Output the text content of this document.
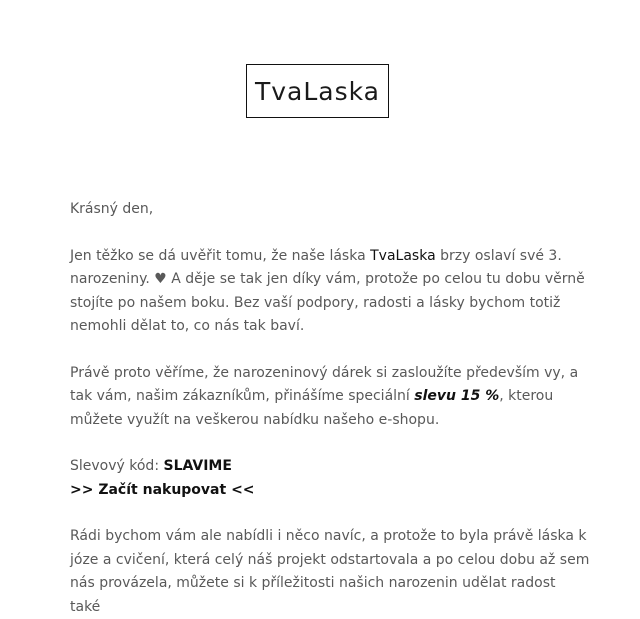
TvaLaska

Krásný den,

Jen těžko se dá uvěřit tomu, že naše láska TvaLaska brzy oslaví své 3. narozeniny. ♥ A děje se tak jen díky vám, protože po celou tu dobu věrně stojíte po našem boku. Bez vaší podpory, radosti a lásky bychom totiž nemohli dělat to, co nás tak baví.

Právě proto věříme, že narozeninový dárek si zasloužíte především vy, a tak vám, našim zákazníkům, přinášíme speciální slevu 15 %, kterou můžete využít na veškerou nabídku našeho e-shopu.

Slevový kód: SLAVIME

>> Začít nakupovat <<

Rádi bychom vám ale nabídli i něco navíc, a protože to byla právě láska k józe a cvičení, která celý náš projekt odstartovala a po celou dobu až sem nás provázela, můžete si k příležitosti našich narozenin udělat radost také
